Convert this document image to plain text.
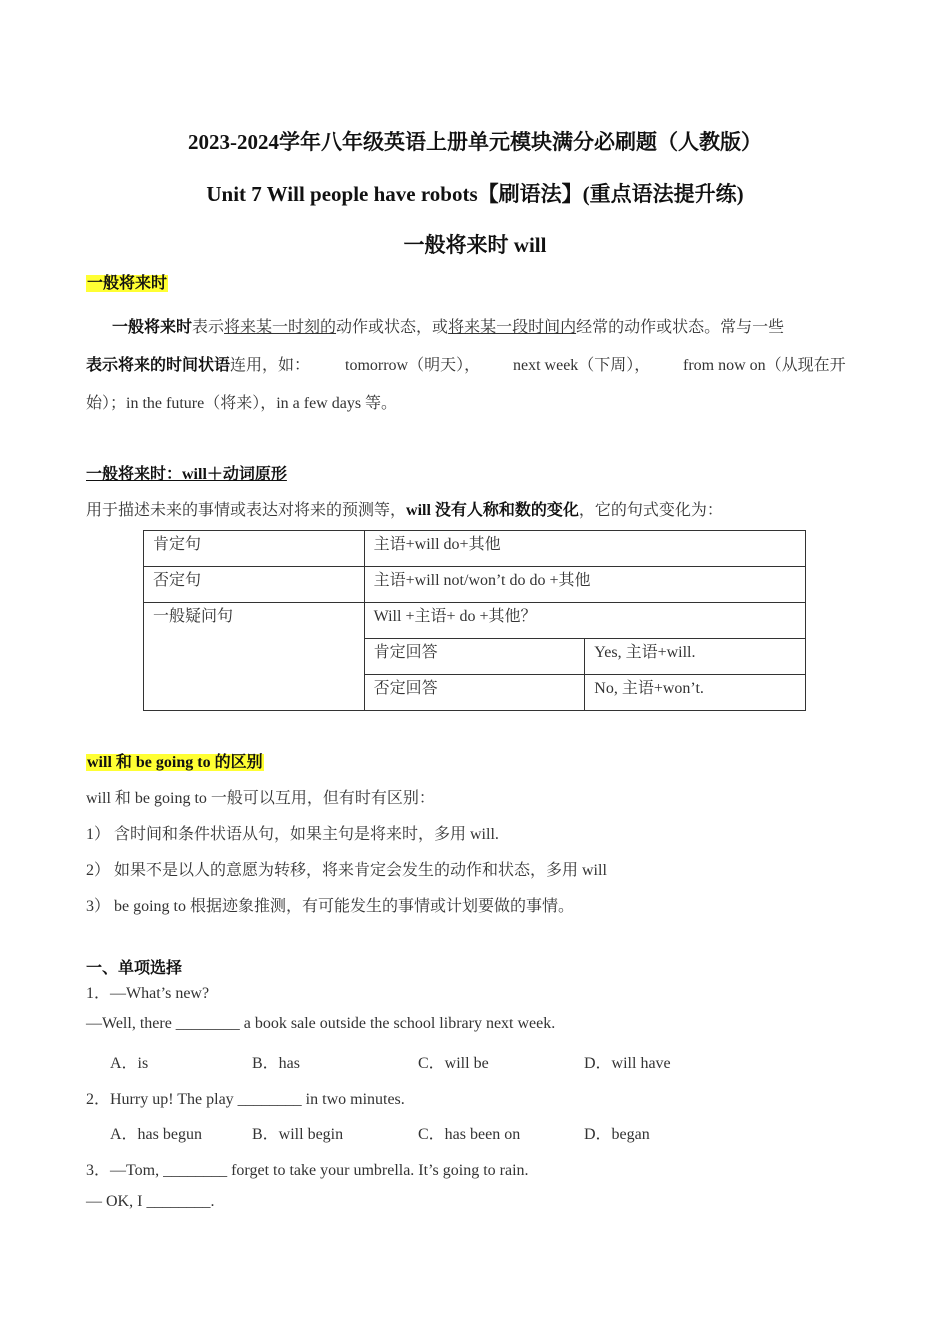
2023-2024学年八年级英语上册单元模块满分必刷题（人教版）
Unit 7 Will people have robots【刷语法】(重点语法提升练)
一般将来时 will
一般将来时
一般将来时表示将来某一时刻的动作或状态，或将来某一段时间内经常的动作或状态。常与一些
表示将来的时间状语连用，如： tomorrow（明天）， next week（下周）， from now on（从现在开
始）；in the future（将来），in a few days 等。
一般将来时：will＋动词原形
用于描述未来的事情或表达对将来的预测等，will 没有人称和数的变化，它的句式变化为：
肯定句	主语+will do+其他	
否定句	主语+will not/won’t do do +其他	
一般疑问句	Will +主语+ do +其他？	
	肯定回答	Yes, 主语+will.
	否定回答	No, 主语+won’t.
will 和 be going to 的区别
will 和 be going to 一般可以互用，但有时有区别：
1） 含时间和条件状语从句，如果主句是将来时，多用 will.
2） 如果不是以人的意愿为转移，将来肯定会发生的动作和状态，多用 will
3） be going to 根据迹象推测，有可能发生的事情或计划要做的事情。
一、单项选择
1．—What’s new?
—Well, there ________ a book sale outside the school library next week.
A．is	B．has	C．will be	D．will have
2．Hurry up! The play ________ in two minutes.
A．has begun	B．will begin	C．has been on	D．began
3．—Tom, ________ forget to take your umbrella. It’s going to rain.
— OK, I ________.
